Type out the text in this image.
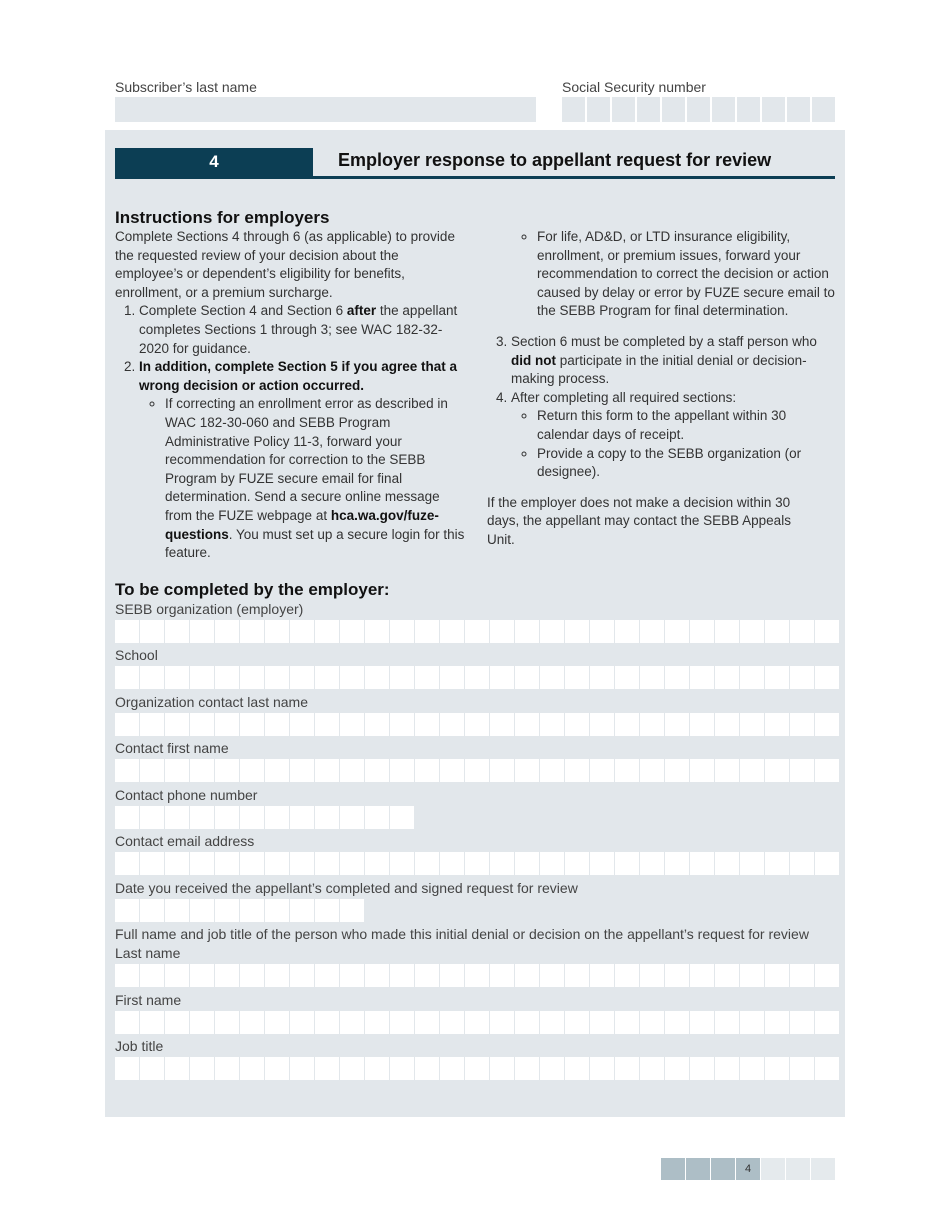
Subscriber’s last name	Social Security number
4	Employer response to appellant request for review
Instructions for employers

Complete Sections 4 through 6 (as applicable) to provide the requested review of your decision about the employee’s or dependent’s eligibility for benefits, enrollment, or a premium surcharge.

1. Complete Section 4 and Section 6 after the appellant completes Sections 1 through 3; see WAC 182-32-2020 for guidance.
2. In addition, complete Section 5 if you agree that a wrong decision or action occurred.
◦ If correcting an enrollment error as described in WAC 182-30-060 and SEBB Program Administrative Policy 11-3, forward your recommendation for correction to the SEBB Program by FUZE secure email for final determination. Send a secure online message from the FUZE webpage at hca.wa.gov/fuze-questions. You must set up a secure login for this feature.
◦ For life, AD&D, or LTD insurance eligibility, enrollment, or premium issues, forward your recommendation to correct the decision or action caused by delay or error by FUZE secure email to the SEBB Program for final determination.
3. Section 6 must be completed by a staff person who did not participate in the initial denial or decision-making process.
4. After completing all required sections:
◦ Return this form to the appellant within 30 calendar days of receipt.
◦ Provide a copy to the SEBB organization (or designee).

If the employer does not make a decision within 30 days, the appellant may contact the SEBB Appeals Unit.

To be completed by the employer:
SEBB organization (employer)
School
Organization contact last name
Contact first name
Contact phone number
Contact email address
Date you received the appellant’s completed and signed request for review
Full name and job title of the person who made this initial denial or decision on the appellant’s request for review
Last name
First name
Job title
4
